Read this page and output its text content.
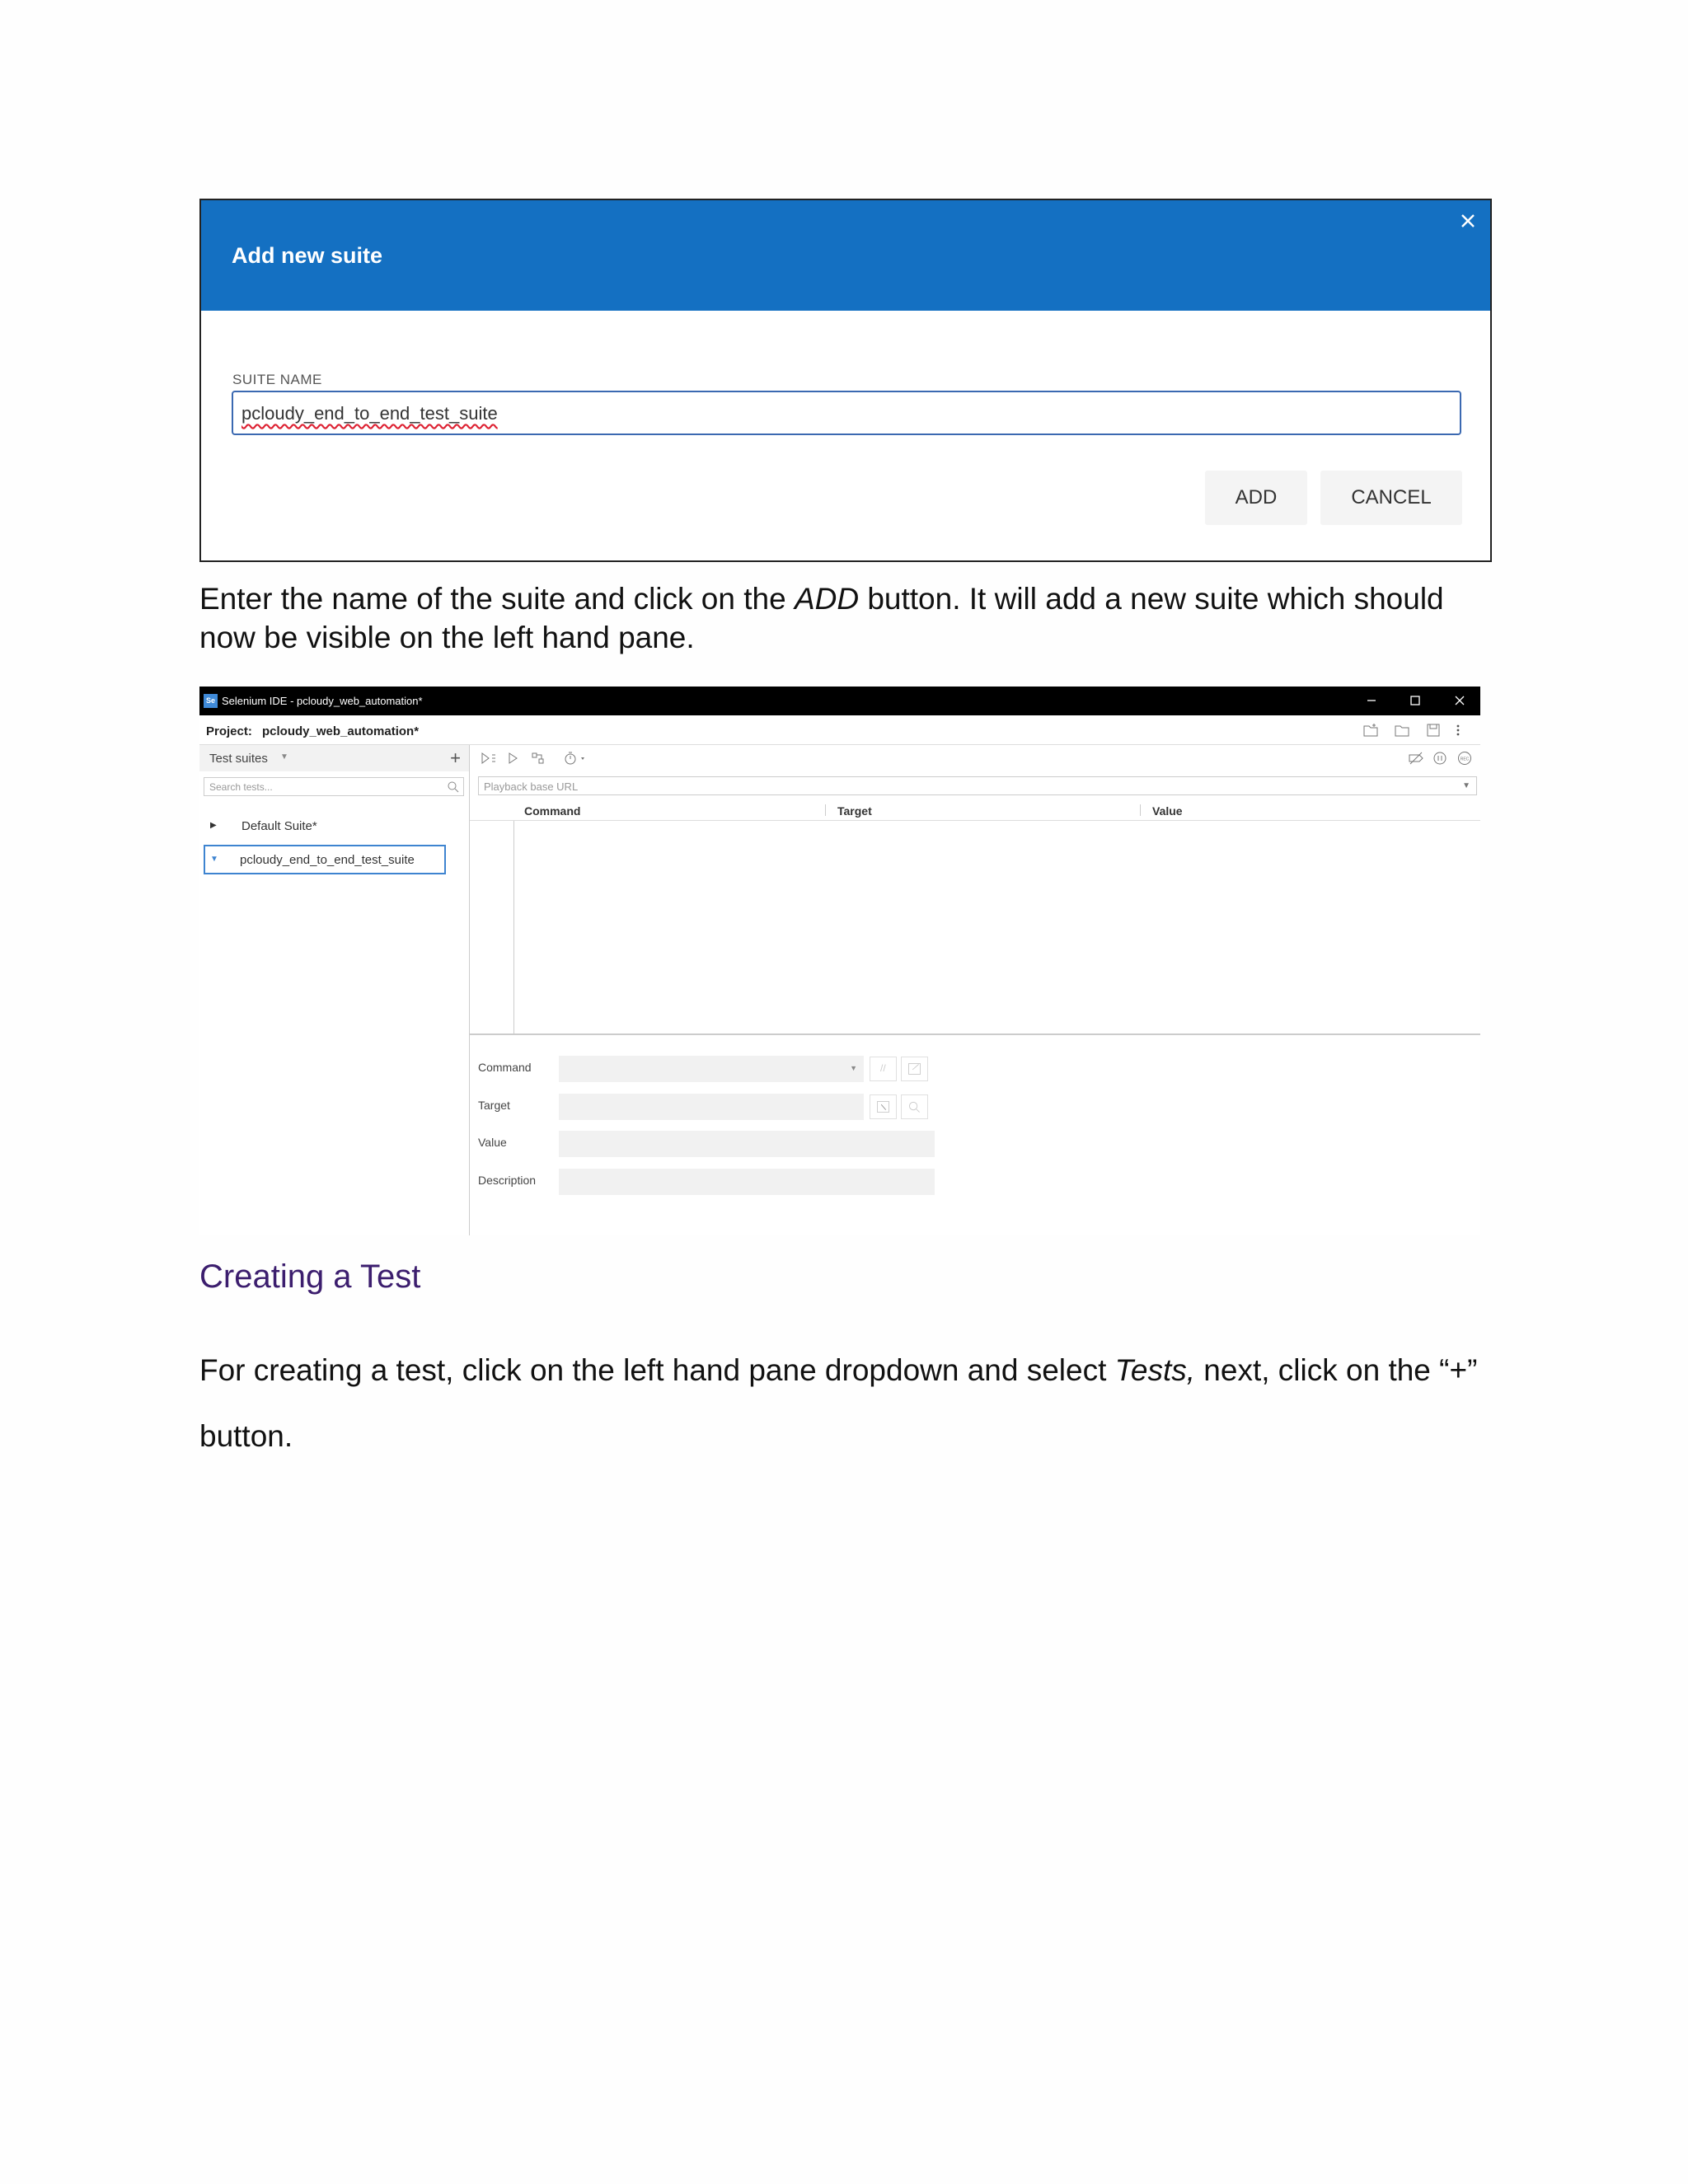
Add new suite
SUITE NAME
pcloudy_end_to_end_test_suite
ADD	CANCEL
Enter the name of the suite and click on the ADD button. It will add a new suite which should now be visible on the left hand pane.
Se Selenium IDE - pcloudy_web_automation*
Project: pcloudy_web_automation*
Test suites ▼	+
Search tests...
▶ Default Suite*
▼ pcloudy_end_to_end_test_suite
REC
Playback base URL	▼
Command	Target	Value
Command	▼ //
Target
Value
Description
Creating a Test
For creating a test, click on the left hand pane dropdown and select Tests, next, click on the “+” button.
